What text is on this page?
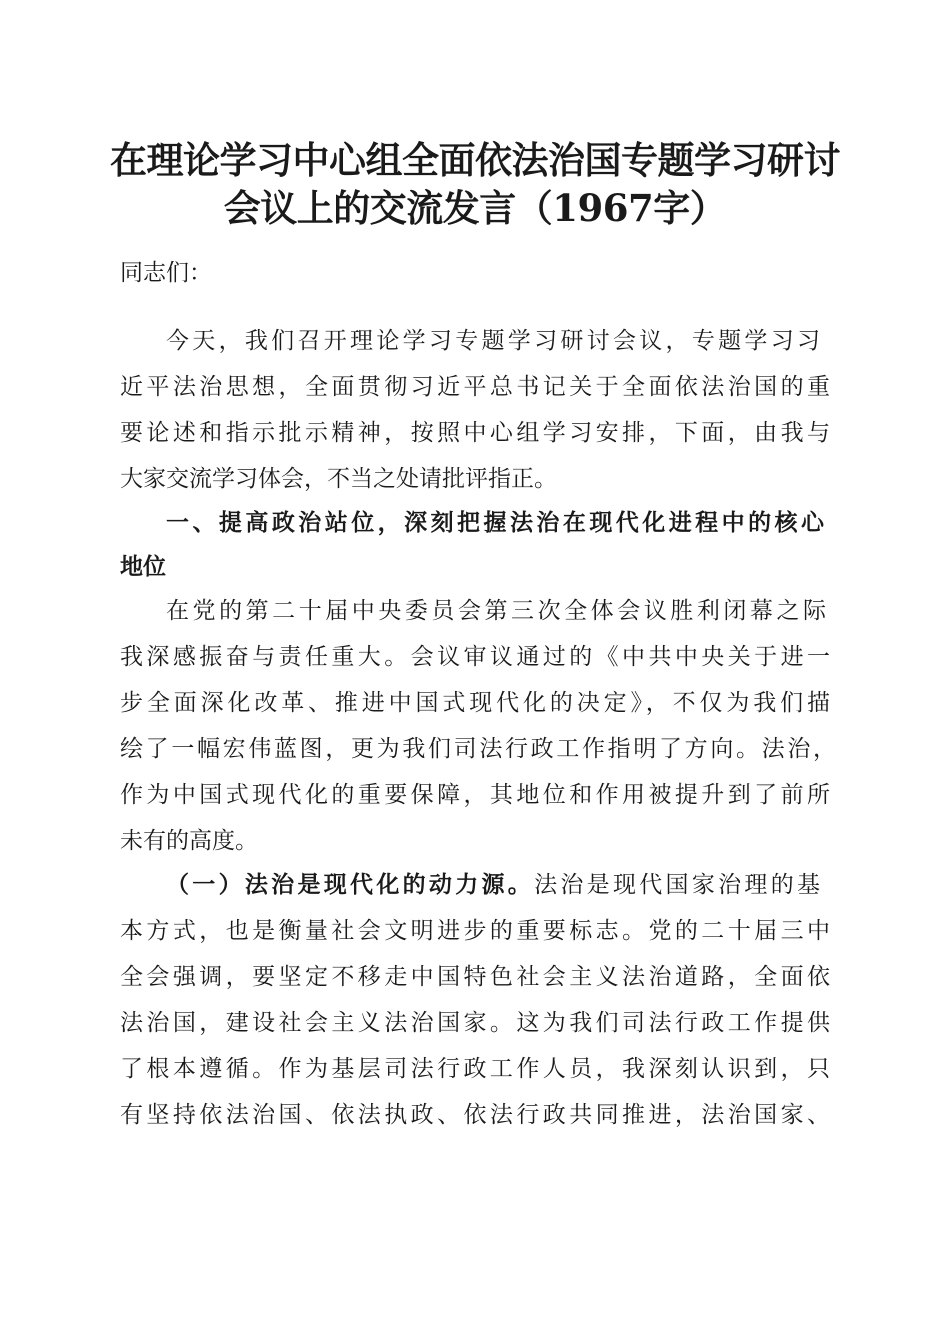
在理论学习中心组全面依法治国专题学习研讨
会议上的交流发言（1967字）

同志们：

今天，我们召开理论学习专题学习研讨会议，专题学习习

近平法治思想，全面贯彻习近平总书记关于全面依法治国的重

要论述和指示批示精神，按照中心组学习安排，下面，由我与

大家交流学习体会，不当之处请批评指正。

一、提高政治站位，深刻把握法治在现代化进程中的核心

地位

在党的第二十届中央委员会第三次全体会议胜利闭幕之际

我深感振奋与责任重大。会议审议通过的《中共中央关于进一

步全面深化改革、推进中国式现代化的决定》，不仅为我们描

绘了一幅宏伟蓝图，更为我们司法行政工作指明了方向。法治，

作为中国式现代化的重要保障，其地位和作用被提升到了前所

未有的高度。

（一）法治是现代化的动力源。法治是现代国家治理的基

本方式，也是衡量社会文明进步的重要标志。党的二十届三中

全会强调，要坚定不移走中国特色社会主义法治道路，全面依

法治国，建设社会主义法治国家。这为我们司法行政工作提供

了根本遵循。作为基层司法行政工作人员，我深刻认识到，只

有坚持依法治国、依法执政、依法行政共同推进，法治国家、
